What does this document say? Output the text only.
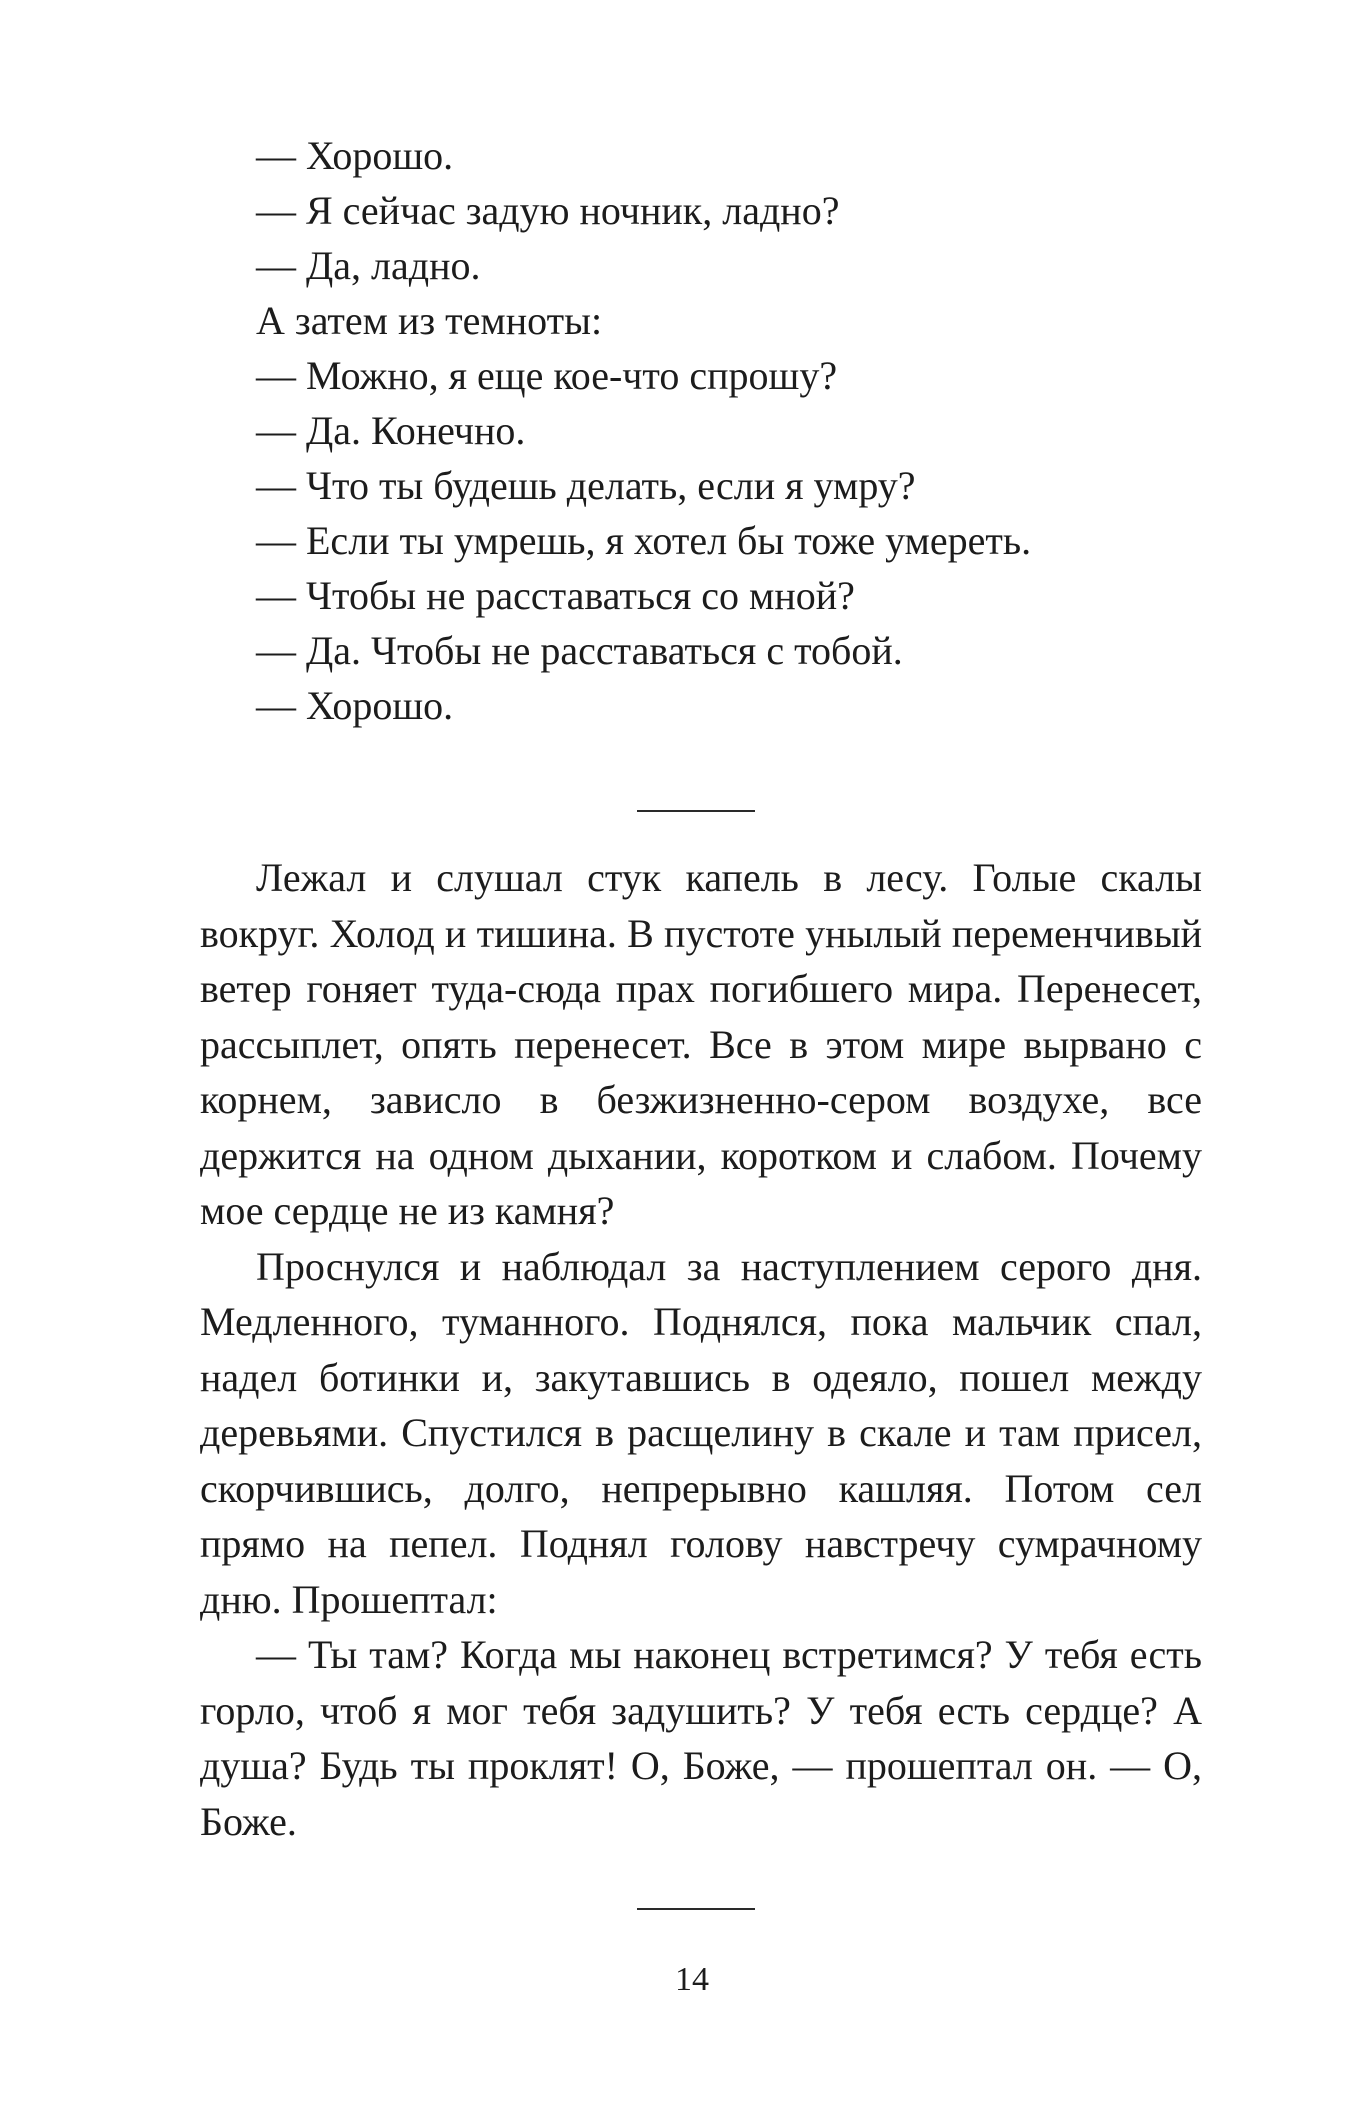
— Хорошо.
— Я сейчас задую ночник, ладно?
— Да, ладно.
А затем из темноты:
— Можно, я еще кое-что спрошу?
— Да. Конечно.
— Что ты будешь делать, если я умру?
— Если ты умрешь, я хотел бы тоже умереть.
— Чтобы не расставаться со мной?
— Да. Чтобы не расставаться с тобой.
— Хорошо.

Лежал и слушал стук капель в лесу. Голые скалы вокруг. Холод и тишина. В пустоте унылый переменчивый ветер гоняет туда-сюда прах погибшего мира. Перенесет, рассыплет, опять перенесет. Все в этом мире вырвано с корнем, зависло в безжизненно-сером воздухе, все держится на одном дыхании, коротком и слабом. Почему мое сердце не из камня?

Проснулся и наблюдал за наступлением серого дня. Медленного, туманного. Поднялся, пока мальчик спал, надел ботинки и, закутавшись в одеяло, пошел между деревьями. Спустился в расщелину в скале и там присел, скорчившись, долго, непрерывно кашляя. Потом сел прямо на пепел. Поднял голову навстречу сумрачному дню. Прошептал:

— Ты там? Когда мы наконец встретимся? У тебя есть горло, чтоб я мог тебя задушить? У тебя есть сердце? А душа? Будь ты проклят! О, Боже, — прошептал он. — О, Боже.

14
